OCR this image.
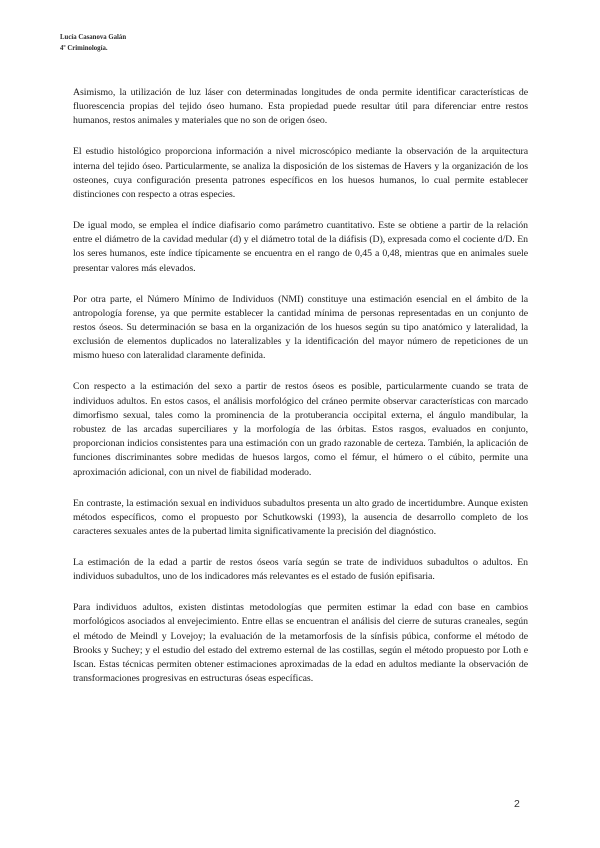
Lucía Casanova Galán
4º Criminología.

Asimismo, la utilización de luz láser con determinadas longitudes de onda permite identificar características de fluorescencia propias del tejido óseo humano. Esta propiedad puede resultar útil para diferenciar entre restos humanos, restos animales y materiales que no son de origen óseo.

El estudio histológico proporciona información a nivel microscópico mediante la observación de la arquitectura interna del tejido óseo. Particularmente, se analiza la disposición de los sistemas de Havers y la organización de los osteones, cuya configuración presenta patrones específicos en los huesos humanos, lo cual permite establecer distinciones con respecto a otras especies.

De igual modo, se emplea el índice diafisario como parámetro cuantitativo. Este se obtiene a partir de la relación entre el diámetro de la cavidad medular (d) y el diámetro total de la diáfisis (D), expresada como el cociente d/D. En los seres humanos, este índice típicamente se encuentra en el rango de 0,45 a 0,48, mientras que en animales suele presentar valores más elevados.

Por otra parte, el Número Mínimo de Individuos (NMI) constituye una estimación esencial en el ámbito de la antropología forense, ya que permite establecer la cantidad mínima de personas representadas en un conjunto de restos óseos. Su determinación se basa en la organización de los huesos según su tipo anatómico y lateralidad, la exclusión de elementos duplicados no lateralizables y la identificación del mayor número de repeticiones de un mismo hueso con lateralidad claramente definida.

Con respecto a la estimación del sexo a partir de restos óseos es posible, particularmente cuando se trata de individuos adultos. En estos casos, el análisis morfológico del cráneo permite observar características con marcado dimorfismo sexual, tales como la prominencia de la protuberancia occipital externa, el ángulo mandibular, la robustez de las arcadas superciliares y la morfología de las órbitas. Estos rasgos, evaluados en conjunto, proporcionan indicios consistentes para una estimación con un grado razonable de certeza. También, la aplicación de funciones discriminantes sobre medidas de huesos largos, como el fémur, el húmero o el cúbito, permite una aproximación adicional, con un nivel de fiabilidad moderado.

En contraste, la estimación sexual en individuos subadultos presenta un alto grado de incertidumbre. Aunque existen métodos específicos, como el propuesto por Schutkowski (1993), la ausencia de desarrollo completo de los caracteres sexuales antes de la pubertad limita significativamente la precisión del diagnóstico.

La estimación de la edad a partir de restos óseos varía según se trate de individuos subadultos o adultos. En individuos subadultos, uno de los indicadores más relevantes es el estado de fusión epifisaria.

Para individuos adultos, existen distintas metodologías que permiten estimar la edad con base en cambios morfológicos asociados al envejecimiento. Entre ellas se encuentran el análisis del cierre de suturas craneales, según el método de Meindl y Lovejoy; la evaluación de la metamorfosis de la sínfisis púbica, conforme el método de Brooks y Suchey; y el estudio del estado del extremo esternal de las costillas, según el método propuesto por Loth e Iscan. Estas técnicas permiten obtener estimaciones aproximadas de la edad en adultos mediante la observación de transformaciones progresivas en estructuras óseas específicas.

2
